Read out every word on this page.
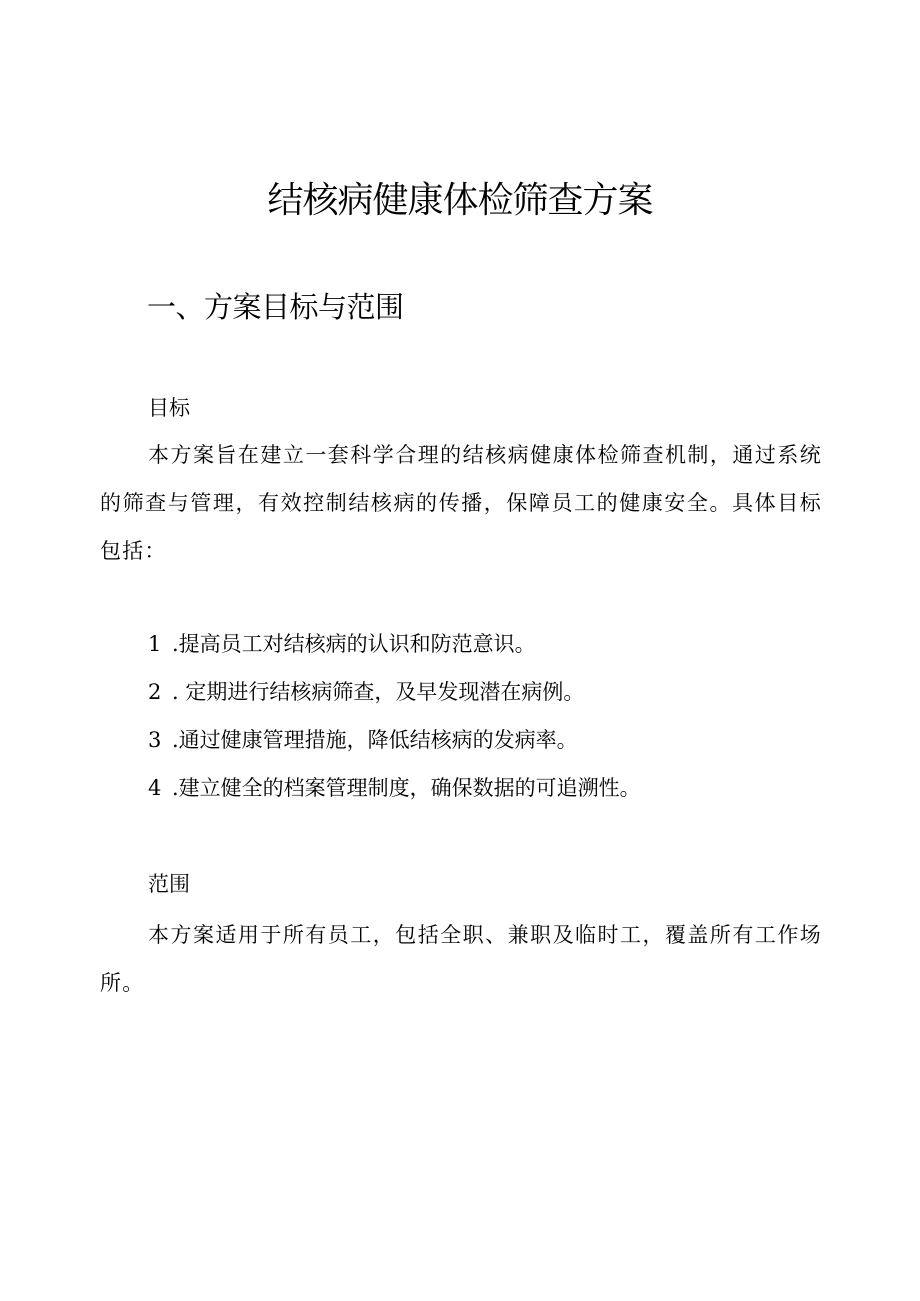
结核病健康体检筛查方案
一、方案目标与范围
目标

本方案旨在建立一套科学合理的结核病健康体检筛查机制，通过系统的筛查与管理，有效控制结核病的传播，保障员工的健康安全。具体目标包括：

1 .提高员工对结核病的认识和防范意识。
2 . 定期进行结核病筛查，及早发现潜在病例。
3 .通过健康管理措施，降低结核病的发病率。
4 .建立健全的档案管理制度，确保数据的可追溯性。
范围

本方案适用于所有员工，包括全职、兼职及临时工，覆盖所有工作场所。
